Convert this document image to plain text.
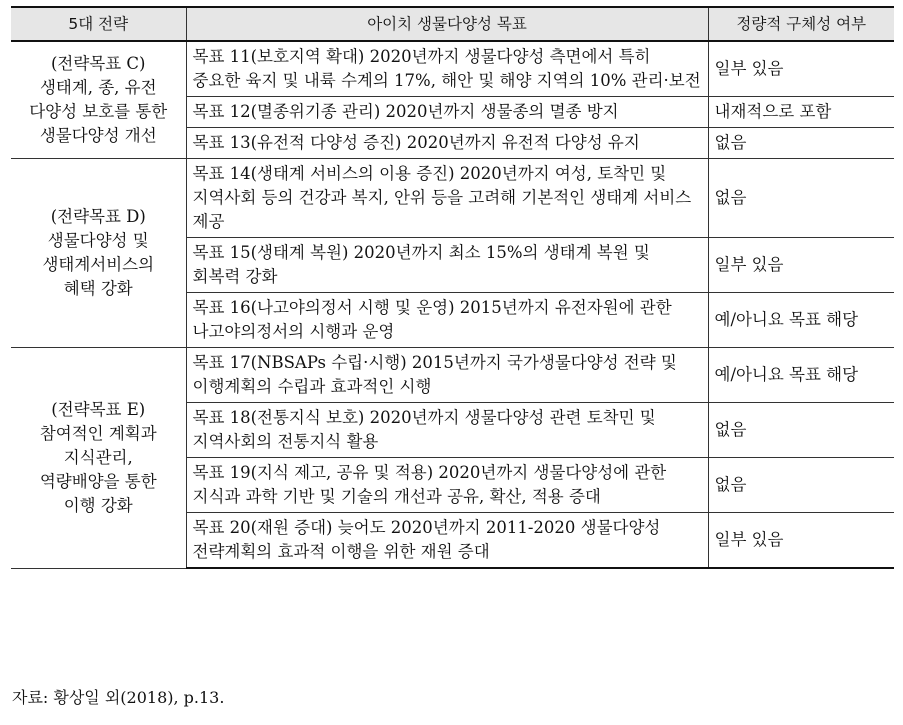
5대 전략	아이치 생물다양성 목표	정량적 구체성 여부

(전략목표 C)
생태계, 종, 유전
다양성 보호를 통한
생물다양성 개선	목표 11(보호지역 확대) 2020년까지 생물다양성 측면에서 특히 중요한 육지 및 내륙 수계의 17%, 해안 및 해양 지역의 10% 관리·보전	일부 있음
	목표 12(멸종위기종 관리) 2020년까지 생물종의 멸종 방지	내재적으로 포함
	목표 13(유전적 다양성 증진) 2020년까지 유전적 다양성 유지	없음

(전략목표 D)
생물다양성 및
생태계서비스의
혜택 강화	목표 14(생태계 서비스의 이용 증진) 2020년까지 여성, 토착민 및 지역사회 등의 건강과 복지, 안위 등을 고려해 기본적인 생태계 서비스 제공	없음
	목표 15(생태계 복원) 2020년까지 최소 15%의 생태계 복원 및 회복력 강화	일부 있음
	목표 16(나고야의정서 시행 및 운영) 2015년까지 유전자원에 관한 나고야의정서의 시행과 운영	예/아니요 목표 해당

(전략목표 E)
참여적인 계획과
지식관리,
역량배양을 통한
이행 강화	목표 17(NBSAPs 수립·시행) 2015년까지 국가생물다양성 전략 및 이행계획의 수립과 효과적인 시행	예/아니요 목표 해당
	목표 18(전통지식 보호) 2020년까지 생물다양성 관련 토착민 및 지역사회의 전통지식 활용	없음
	목표 19(지식 제고, 공유 및 적용) 2020년까지 생물다양성에 관한 지식과 과학 기반 및 기술의 개선과 공유, 확산, 적용 증대	없음
	목표 20(재원 증대) 늦어도 2020년까지 2011-2020 생물다양성 전략계획의 효과적 이행을 위한 재원 증대	일부 있음
자료: 황상일 외(2018), p.13.
